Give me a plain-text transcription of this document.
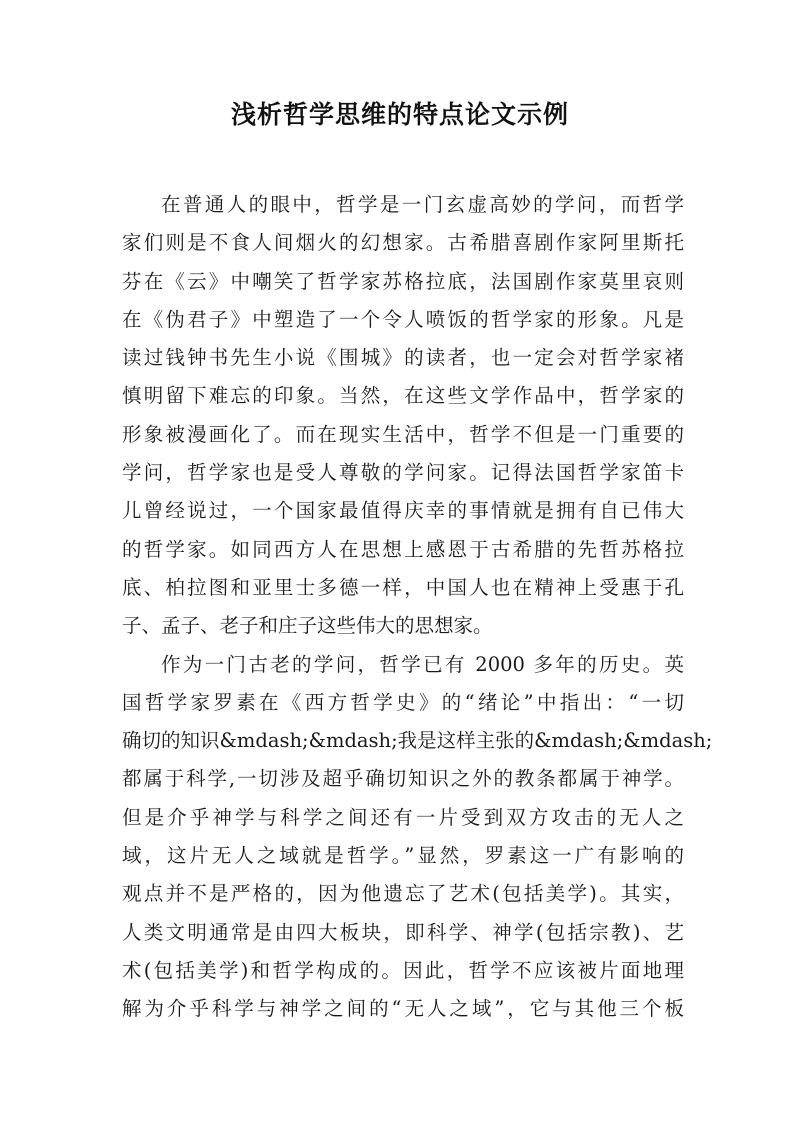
浅析哲学思维的特点论文示例

在普通人的眼中，哲学是一门玄虚高妙的学问，而哲学

家们则是不食人间烟火的幻想家。古希腊喜剧作家阿里斯托

芬在《云》中嘲笑了哲学家苏格拉底，法国剧作家莫里哀则

在《伪君子》中塑造了一个令人喷饭的哲学家的形象。凡是

读过钱钟书先生小说《围城》的读者，也一定会对哲学家褚

慎明留下难忘的印象。当然，在这些文学作品中，哲学家的

形象被漫画化了。而在现实生活中，哲学不但是一门重要的

学问，哲学家也是受人尊敬的学问家。记得法国哲学家笛卡

儿曾经说过，一个国家最值得庆幸的事情就是拥有自已伟大

的哲学家。如同西方人在思想上感恩于古希腊的先哲苏格拉

底、柏拉图和亚里士多德一样，中国人也在精神上受惠于孔

子、孟子、老子和庄子这些伟大的思想家。

作为一门古老的学问，哲学已有 2000 多年的历史。英

国哲学家罗素在《西方哲学史》的“绪论”中指出：“一切

确切的知识&mdash;&mdash;我是这样主张的&mdash;&mdash;

都属于科学,一切涉及超乎确切知识之外的教条都属于神学。

但是介乎神学与科学之间还有一片受到双方攻击的无人之

域，这片无人之域就是哲学。”显然，罗素这一广有影响的

观点并不是严格的，因为他遗忘了艺术(包括美学)。其实，

人类文明通常是由四大板块，即科学、神学(包括宗教)、艺

术(包括美学)和哲学构成的。因此，哲学不应该被片面地理

解为介乎科学与神学之间的“无人之域”，它与其他三个板
